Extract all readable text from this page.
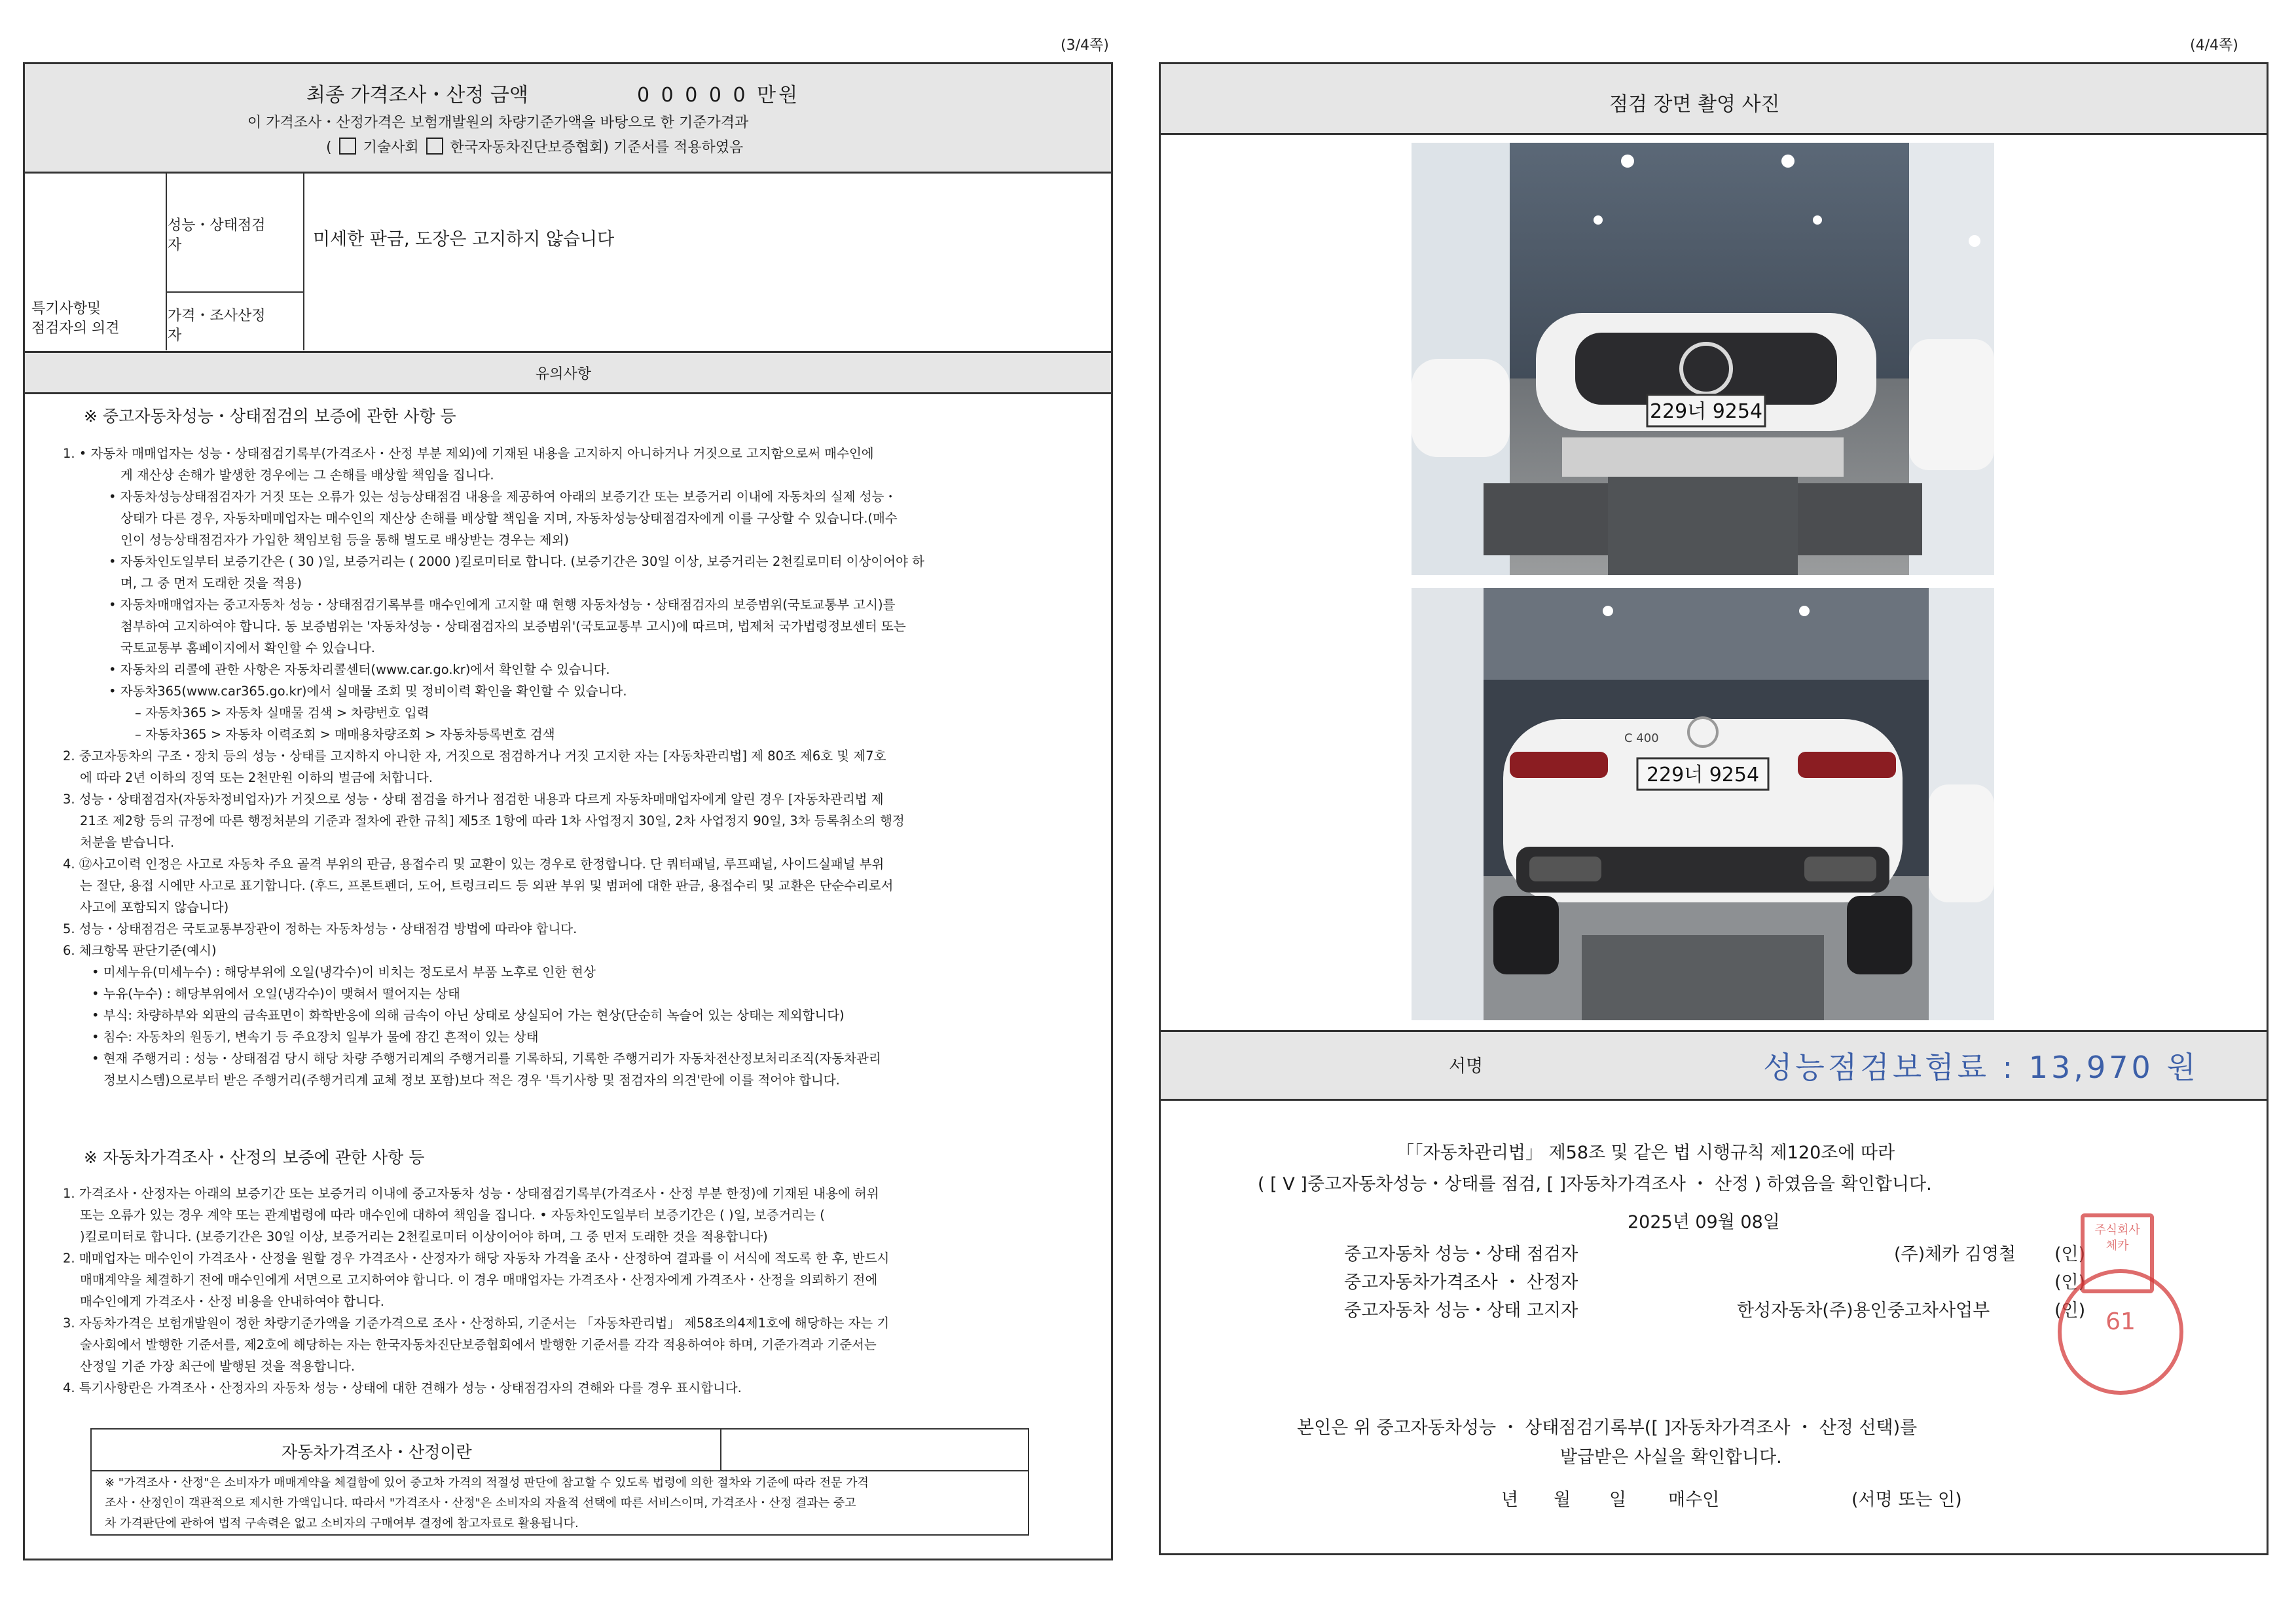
(3/4쪽)
최종 가격조사・산정 금액	0 0 0 0 0 만원
이 가격조사・산정가격은 보험개발원의 차량기준가액을 바탕으로 한 기준가격과
( 기술사회 한국자동차진단보증협회) 기준서를 적용하였음
특기사항및
점검자의 의견
성능・상태점검
자	미세한 판금, 도장은 고지하지 않습니다
가격・조사산정
자
유의사항
※ 중고자동차성능・상태점검의 보증에 관한 사항 등
1. • 자동차 매매업자는 성능・상태점검기록부(가격조사・산정 부분 제외)에 기재된 내용을 고지하지 아니하거나 거짓으로 고지함으로써 매수인에
게 재산상 손해가 발생한 경우에는 그 손해를 배상할 책임을 집니다.
• 자동차성능상태점검자가 거짓 또는 오류가 있는 성능상태점검 내용을 제공하여 아래의 보증기간 또는 보증거리 이내에 자동차의 실제 성능・
상태가 다른 경우, 자동차매매업자는 매수인의 재산상 손해를 배상할 책임을 지며, 자동차성능상태점검자에게 이를 구상할 수 있습니다.(매수
인이 성능상태점검자가 가입한 책임보험 등을 통해 별도로 배상받는 경우는 제외)
• 자동차인도일부터 보증기간은 ( 30 )일, 보증거리는 ( 2000 )킬로미터로 합니다. (보증기간은 30일 이상, 보증거리는 2천킬로미터 이상이어야 하
며, 그 중 먼저 도래한 것을 적용)
• 자동차매매업자는 중고자동차 성능・상태점검기록부를 매수인에게 고지할 때 현행 자동차성능・상태점검자의 보증범위(국토교통부 고시)를
첨부하여 고지하여야 합니다. 동 보증범위는 '자동차성능・상태점검자의 보증범위'(국토교통부 고시)에 따르며, 법제처 국가법령정보센터 또는
국토교통부 홈페이지에서 확인할 수 있습니다.
• 자동차의 리콜에 관한 사항은 자동차리콜센터(www.car.go.kr)에서 확인할 수 있습니다.
• 자동차365(www.car365.go.kr)에서 실매물 조회 및 정비이력 확인을 확인할 수 있습니다.
– 자동차365 > 자동차 실매물 검색 > 차량번호 입력
– 자동차365 > 자동차 이력조회 > 매매용차량조회 > 자동차등록번호 검색
2. 중고자동차의 구조・장치 등의 성능・상태를 고지하지 아니한 자, 거짓으로 점검하거나 거짓 고지한 자는 [자동차관리법] 제 80조 제6호 및 제7호
에 따라 2년 이하의 징역 또는 2천만원 이하의 벌금에 처합니다.
3. 성능・상태점검자(자동차정비업자)가 거짓으로 성능・상태 점검을 하거나 점검한 내용과 다르게 자동차매매업자에게 알린 경우 [자동차관리법 제
21조 제2항 등의 규정에 따른 행정처분의 기준과 절차에 관한 규칙] 제5조 1항에 따라 1차 사업정지 30일, 2차 사업정지 90일, 3차 등록취소의 행정
처분을 받습니다.
4. ⑫사고이력 인정은 사고로 자동차 주요 골격 부위의 판금, 용접수리 및 교환이 있는 경우로 한정합니다. 단 쿼터패널, 루프패널, 사이드실패널 부위
는 절단, 용접 시에만 사고로 표기합니다. (후드, 프론트펜더, 도어, 트렁크리드 등 외판 부위 및 범퍼에 대한 판금, 용접수리 및 교환은 단순수리로서
사고에 포함되지 않습니다)
5. 성능・상태점검은 국토교통부장관이 정하는 자동차성능・상태점검 방법에 따라야 합니다.
6. 체크항목 판단기준(예시)
• 미세누유(미세누수) : 해당부위에 오일(냉각수)이 비치는 정도로서 부품 노후로 인한 현상
• 누유(누수) : 해당부위에서 오일(냉각수)이 맺혀서 떨어지는 상태
• 부식: 차량하부와 외판의 금속표면이 화학반응에 의해 금속이 아닌 상태로 상실되어 가는 현상(단순히 녹슬어 있는 상태는 제외합니다)
• 침수: 자동차의 원동기, 변속기 등 주요장치 일부가 물에 잠긴 흔적이 있는 상태
• 현재 주행거리 : 성능・상태점검 당시 해당 차량 주행거리계의 주행거리를 기록하되, 기록한 주행거리가 자동차전산정보처리조직(자동차관리
정보시스템)으로부터 받은 주행거리(주행거리계 교체 정보 포함)보다 적은 경우 '특기사항 및 점검자의 의견'란에 이를 적어야 합니다.
※ 자동차가격조사・산정의 보증에 관한 사항 등
1. 가격조사・산정자는 아래의 보증기간 또는 보증거리 이내에 중고자동차 성능・상태점검기록부(가격조사・산정 부분 한정)에 기재된 내용에 허위
또는 오류가 있는 경우 계약 또는 관계법령에 따라 매수인에 대하여 책임을 집니다. • 자동차인도일부터 보증기간은 ( )일, 보증거리는 (
)킬로미터로 합니다. (보증기간은 30일 이상, 보증거리는 2천킬로미터 이상이어야 하며, 그 중 먼저 도래한 것을 적용합니다)
2. 매매업자는 매수인이 가격조사・산정을 원할 경우 가격조사・산정자가 해당 자동차 가격을 조사・산정하여 결과를 이 서식에 적도록 한 후, 반드시
매매계약을 체결하기 전에 매수인에게 서면으로 고지하여야 합니다. 이 경우 매매업자는 가격조사・산정자에게 가격조사・산정을 의뢰하기 전에
매수인에게 가격조사・산정 비용을 안내하여야 합니다.
3. 자동차가격은 보험개발원이 정한 차량기준가액을 기준가격으로 조사・산정하되, 기준서는 「자동차관리법」 제58조의4제1호에 해당하는 자는 기
술사회에서 발행한 기준서를, 제2호에 해당하는 자는 한국자동차진단보증협회에서 발행한 기준서를 각각 적용하여야 하며, 기준가격과 기준서는
산정일 기준 가장 최근에 발행된 것을 적용합니다.
4. 특기사항란은 가격조사・산정자의 자동차 성능・상태에 대한 견해가 성능・상태점검자의 견해와 다를 경우 표시합니다.
자동차가격조사・산정이란
※ "가격조사・산정"은 소비자가 매매계약을 체결함에 있어 중고차 가격의 적절성 판단에 참고할 수 있도록 법령에 의한 절차와 기준에 따라 전문 가격
조사・산정인이 객관적으로 제시한 가액입니다. 따라서 "가격조사・산정"은 소비자의 자율적 선택에 따른 서비스이며, 가격조사・산정 결과는 중고
차 가격판단에 관하여 법적 구속력은 없고 소비자의 구매여부 결정에 참고자료로 활용됩니다.
(4/4쪽)
점검 장면 촬영 사진
229너 9254
C 400
229너 9254
서명	성능점검보험료 : 13,970 원
「「자동차관리법」 제58조 및 같은 법 시행규칙 제120조에 따라
( [ V ]중고자동차성능・상태를 점검, [ ]자동차가격조사 ・ 산정 ) 하였음을 확인합니다.
2025년 09월 08일
중고자동차 성능・상태 점검자	(주)체카 김영철 (인)
중고자동차가격조사 ・ 산정자	(인)
중고자동차 성능・상태 고지자	한성자동차(주)용인중고차사업부	(인)
주식회사 체카
61
본인은 위 중고자동차성능 ・ 상태점검기록부([ ]자동차가격조사 ・ 산정 선택)를
발급받은 사실을 확인합니다.
년 월 일 매수인	(서명 또는 인)
